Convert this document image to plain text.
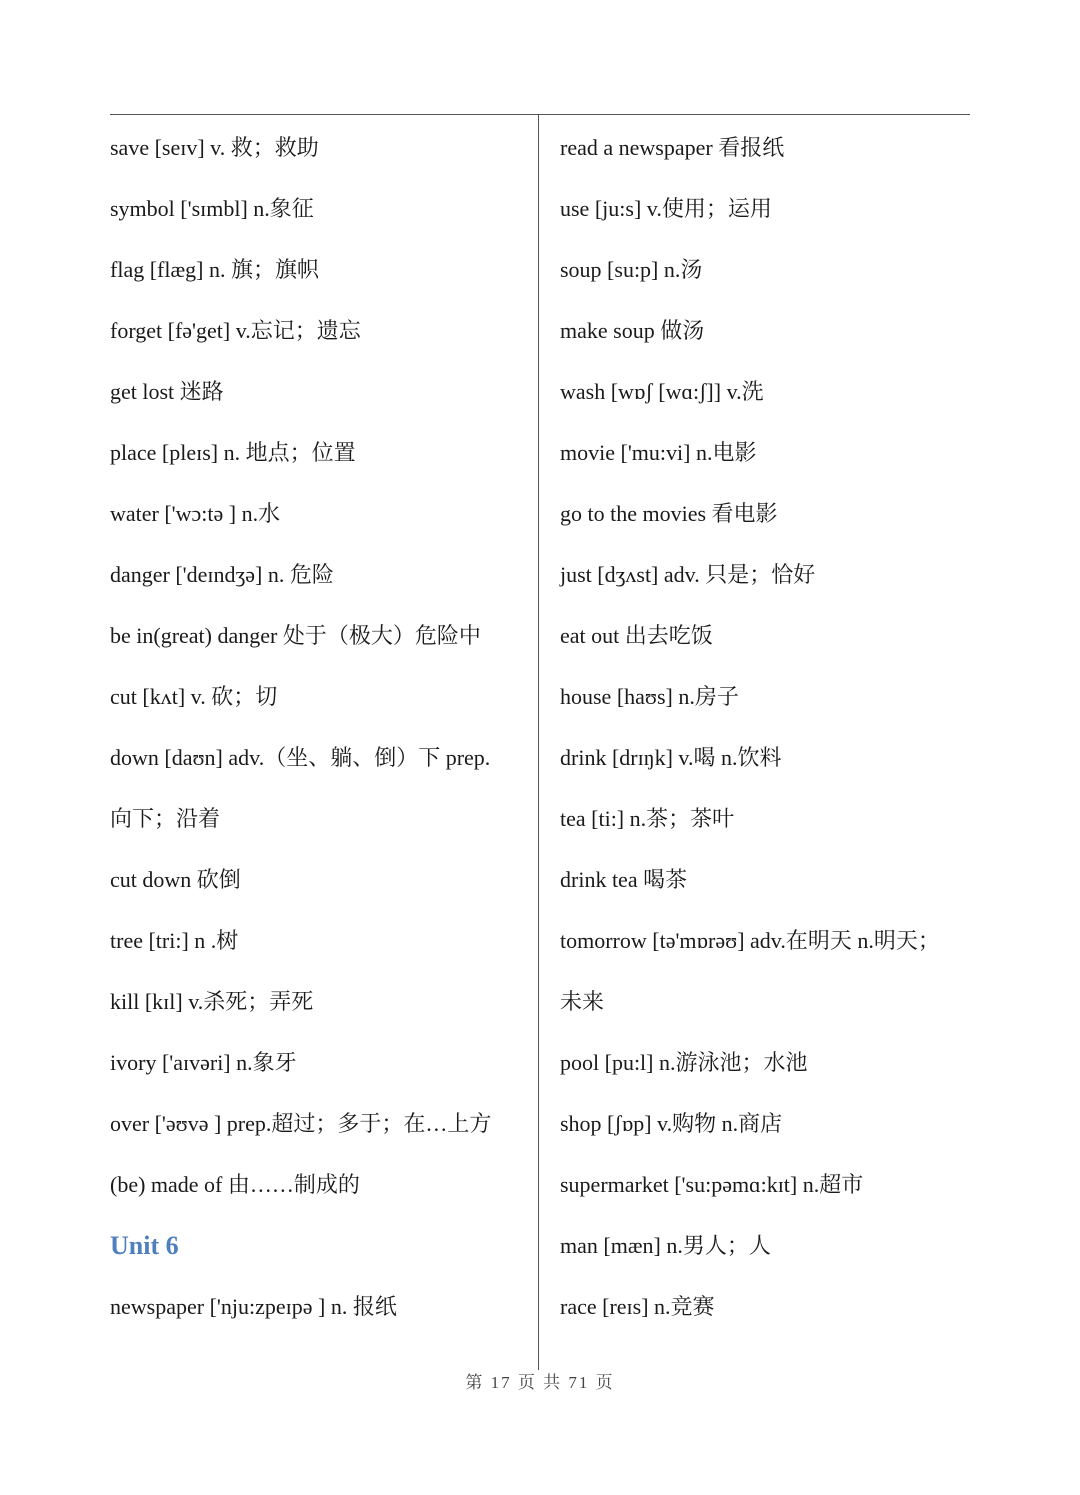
save [seɪv] v. 救；救助
symbol ['sɪmbl] n.象征
flag [flæg] n. 旗；旗帜
forget [fə'get] v.忘记；遗忘
get lost 迷路
place [pleɪs] n. 地点；位置
water ['wɔ:tə ] n.水
danger ['deɪndʒə] n. 危险
be in(great) danger 处于（极大）危险中
cut [kʌt] v. 砍；切
down [daʊn] adv.（坐、躺、倒）下 prep.
向下；沿着
cut down 砍倒
tree [tri:] n .树
kill [kɪl] v.杀死；弄死
ivory ['aɪvəri] n.象牙
over ['əʊvə ] prep.超过；多于；在…上方
(be) made of 由……制成的
Unit 6
newspaper ['nju:zpeɪpə ] n. 报纸
read a newspaper 看报纸
use [ju:s] v.使用；运用
soup [su:p] n.汤
make soup 做汤
wash [wɒʃ [wɑ:ʃ]] v.洗
movie ['mu:vi] n.电影
go to the movies 看电影
just [dʒʌst] adv. 只是；恰好
eat out 出去吃饭
house [haʊs] n.房子
drink [drɪŋk] v.喝 n.饮料
tea [ti:] n.茶；茶叶
drink tea 喝茶
tomorrow [tə'mɒrəʊ] adv.在明天 n.明天；
未来
pool [pu:l] n.游泳池；水池
shop [ʃɒp] v.购物 n.商店
supermarket ['su:pəmɑ:kɪt] n.超市
man [mæn] n.男人；人
race [reɪs] n.竞赛
第 17 页 共 71 页
